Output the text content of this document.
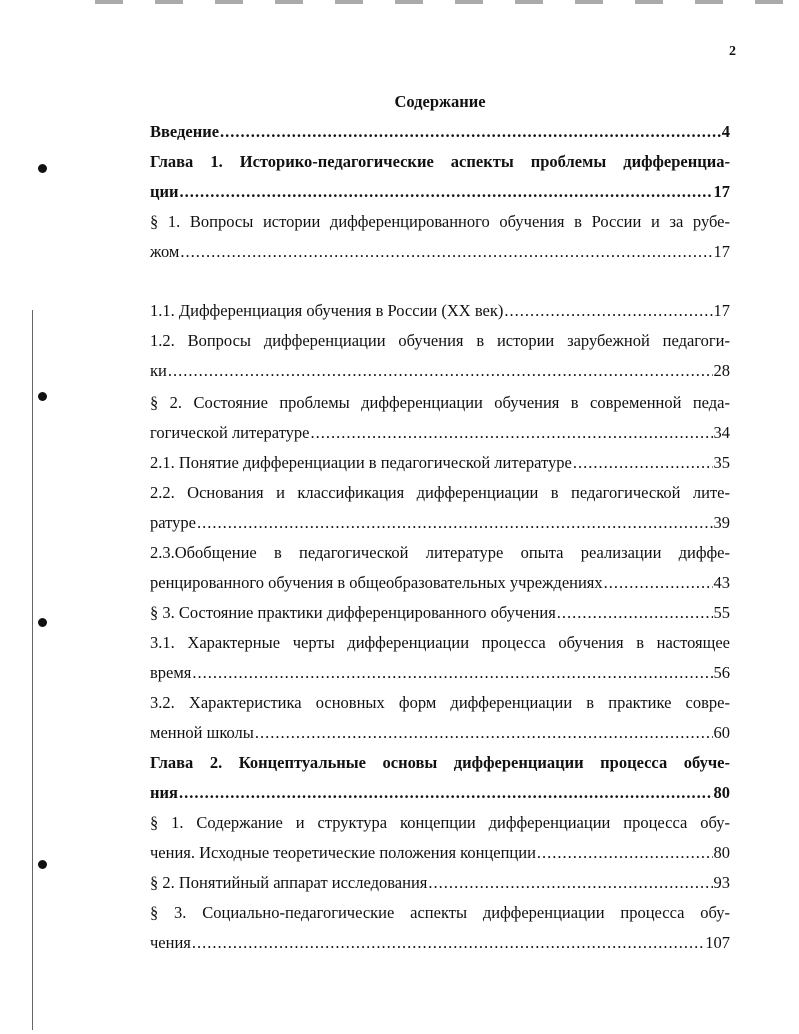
2
Содержание
Введение .....	4
Глава 1. Историко-педагогические аспекты проблемы дифференциа-
ции .....	17
§ 1. Вопросы истории дифференцированного обучения в России и за рубе-
жом .....	17
1.1. Дифференциация обучения в России (XX век) .....	17
1.2. Вопросы дифференциации обучения в истории зарубежной педагоги-
ки .....	28
§ 2. Состояние проблемы дифференциации обучения в современной педа-
гогической литературе .....	34
2.1. Понятие дифференциации в педагогической литературе .....	35
2.2. Основания и классификация дифференциации в педагогической лите-
ратуре .....	39
2.3.Обобщение в педагогической литературе опыта реализации диффе-
ренцированного обучения в общеобразовательных учреждениях .....	43
§ 3. Состояние практики дифференцированного обучения .....	55
3.1. Характерные черты дифференциации процесса обучения в настоящее
время .....	56
3.2. Характеристика основных форм дифференциации в практике совре-
менной школы .....	60
Глава 2. Концептуальные основы дифференциации процесса обуче-
ния .....	80
§ 1. Содержание и структура концепции дифференциации процесса обу-
чения. Исходные теоретические положения концепции .....	80
§ 2. Понятийный аппарат исследования .....	93
§ 3. Социально-педагогические аспекты дифференциации процесса обу-
чения .....	107
